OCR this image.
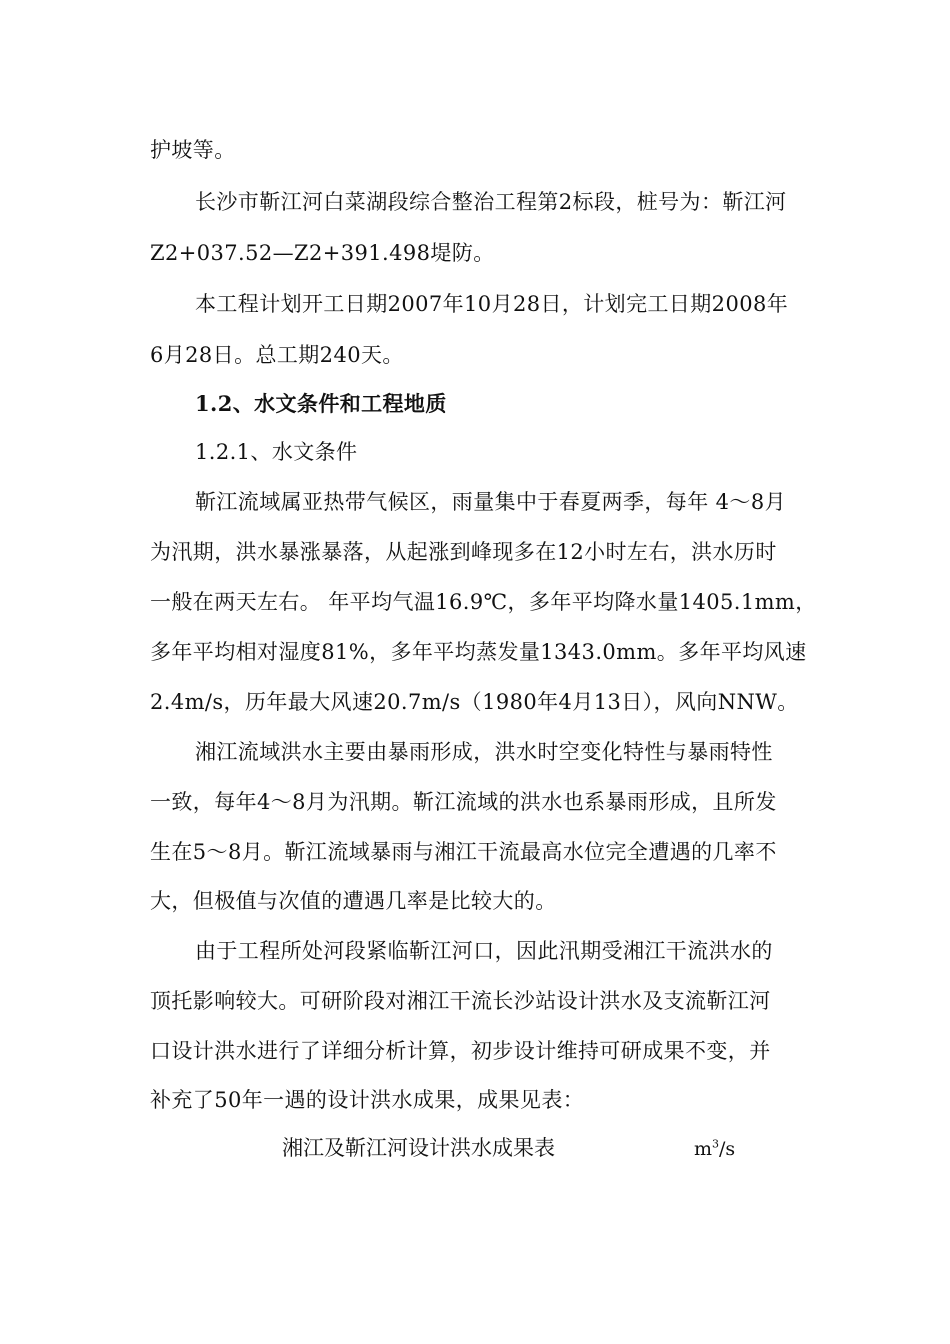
护坡等。
长沙市靳江河白菜湖段综合整治工程第2标段，桩号为：靳江河
Z2+037.52—Z2+391.498堤防。
本工程计划开工日期2007年10月28日，计划完工日期2008年
6月28日。总工期240天。
1.2、水文条件和工程地质
1.2.1、水文条件
靳江流域属亚热带气候区，雨量集中于春夏两季，每年 4～8月
为汛期，洪水暴涨暴落，从起涨到峰现多在12小时左右，洪水历时
一般在两天左右。 年平均气温16.9℃，多年平均降水量1405.1mm，
多年平均相对湿度81%，多年平均蒸发量1343.0mm。多年平均风速
2.4m/s，历年最大风速20.7m/s（1980年4月13日），风向NNW。
湘江流域洪水主要由暴雨形成，洪水时空变化特性与暴雨特性
一致，每年4～8月为汛期。靳江流域的洪水也系暴雨形成，且所发
生在5～8月。靳江流域暴雨与湘江干流最高水位完全遭遇的几率不
大，但极值与次值的遭遇几率是比较大的。
由于工程所处河段紧临靳江河口，因此汛期受湘江干流洪水的
顶托影响较大。可研阶段对湘江干流长沙站设计洪水及支流靳江河
口设计洪水进行了详细分析计算，初步设计维持可研成果不变，并
补充了50年一遇的设计洪水成果，成果见表：
湘江及靳江河设计洪水成果表	$m^3/s$
